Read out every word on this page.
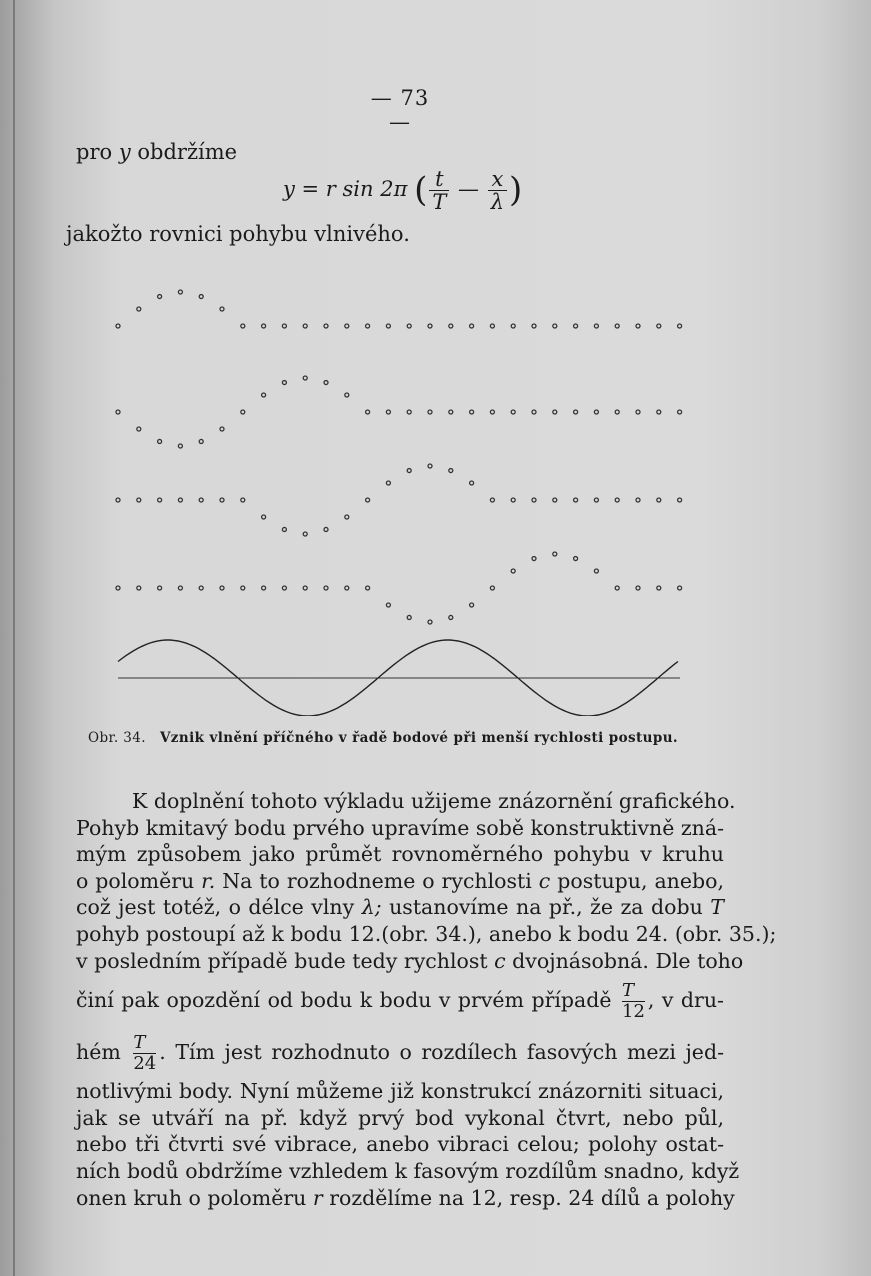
— 73 —
pro y obdržíme
y = r sin 2π ( $\frac{t}{T}$ — $\frac{x}{\lambda}$ )
jakožto rovnici pohybu vlnivého.
Obr. 34. Vznik vlnění příčného v řadě bodové při menší rychlosti postupu.
K doplnění tohoto výkladu užijeme znázornění grafického.
Pohyb kmitavý bodu prvého upravíme sobě konstruktivně zná-
mým způsobem jako průmět rovnoměrného pohybu v kruhu
o poloměru r. Na to rozhodneme o rychlosti c postupu, anebo,
což jest totéž, o délce vlny λ; ustanovíme na př., že za dobu T
pohyb postoupí až k bodu 12.(obr. 34.), anebo k bodu 24. (obr. 35.);
v posledním případě bude tedy rychlost c dvojnásobná. Dle toho
činí pak opozdění od bodu k bodu v prvém případě $\frac{T}{12}$ , v dru-
hém $\frac{T}{24}$ . Tím jest rozhodnuto o rozdílech fasových mezi jed-
notlivými body. Nyní můžeme již konstrukcí znázorniti situaci,
jak se utváří na př. když prvý bod vykonal čtvrt, nebo půl,
nebo tři čtvrti své vibrace, anebo vibraci celou; polohy ostat-
ních bodů obdržíme vzhledem k fasovým rozdílům snadno, když
onen kruh o poloměru r rozdělíme na 12, resp. 24 dílů a polohy
